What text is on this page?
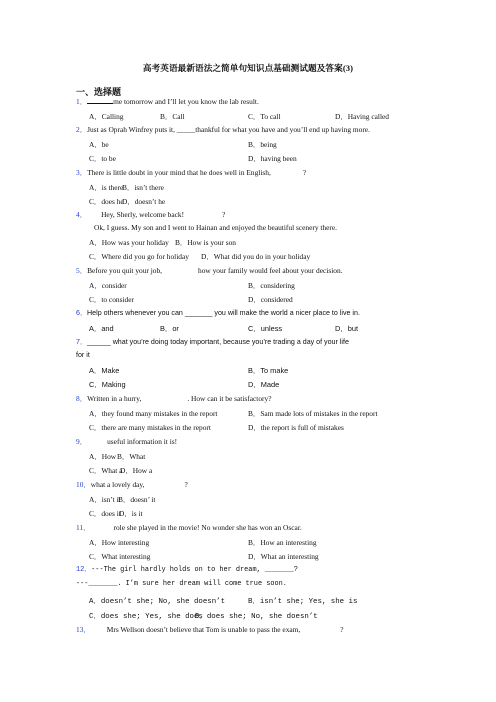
高考英语最新语法之简单句知识点基础测试题及答案(3)
一、选择题
1．	me tomorrow and I’ll let you know the lab result.
A．Calling	B．Call	C．To call	D．Having called
2．Just as Oprah Winfrey puts it, _____thankful for what you have and you’ll end up having more.
A．be	B．being
C．to be	D．having been
3．There is little doubt in your mind that he does well in English,	?
A．is there
B．isn’t there
C．does he
D．doesn’t he
4． Hey, Sherly, welcome back!	?
Ok, I guess. My son and I went to Hainan and enjoyed the beautiful scenery there.
A．How was your holiday B．How is your son
C．Where did you go for holiday D．What did you do in your holiday
5．Before you quit your job,	how your family would feel about your decision.
A．consider	B．considering
C．to consider	D．considered
6．Help others whenever you can _______ you will make the world a nicer place to live in.
A．and	B．or	C．unless	D．but
7．______ what you’re doing today important, because you’re trading a day of your life
for it
A．Make	B．To make
C．Making	D．Made
8．Written in a hurry,	. How can it be satisfactory?
A．they found many mistakes in the report	B．Sam made lots of mistakes in the report
C．there are many mistakes in the report	D．the report is full of mistakes
9．	useful information it is!
A．How B．What
C．What a
D．How a
10．what a lovely day,	?
A．isn’t it
B．doesn’ it
C．does it
D．is it
11．	role she played in the movie! No wonder she has won an Oscar.
A．How interesting	B．How an interesting
C．What interesting	D．What an interesting
12．---The girl hardly holds on to her dream, _______?
---_______. I’m sure her dream will come true soon.
A．doesn’t she; No, she doesn’t	B．isn’t she; Yes, she is
C．does she; Yes, she does
D．does she; No, she doesn’t
13． Mrs Wellson doesn’t believe that Tom is unable to pass the exam,	?
